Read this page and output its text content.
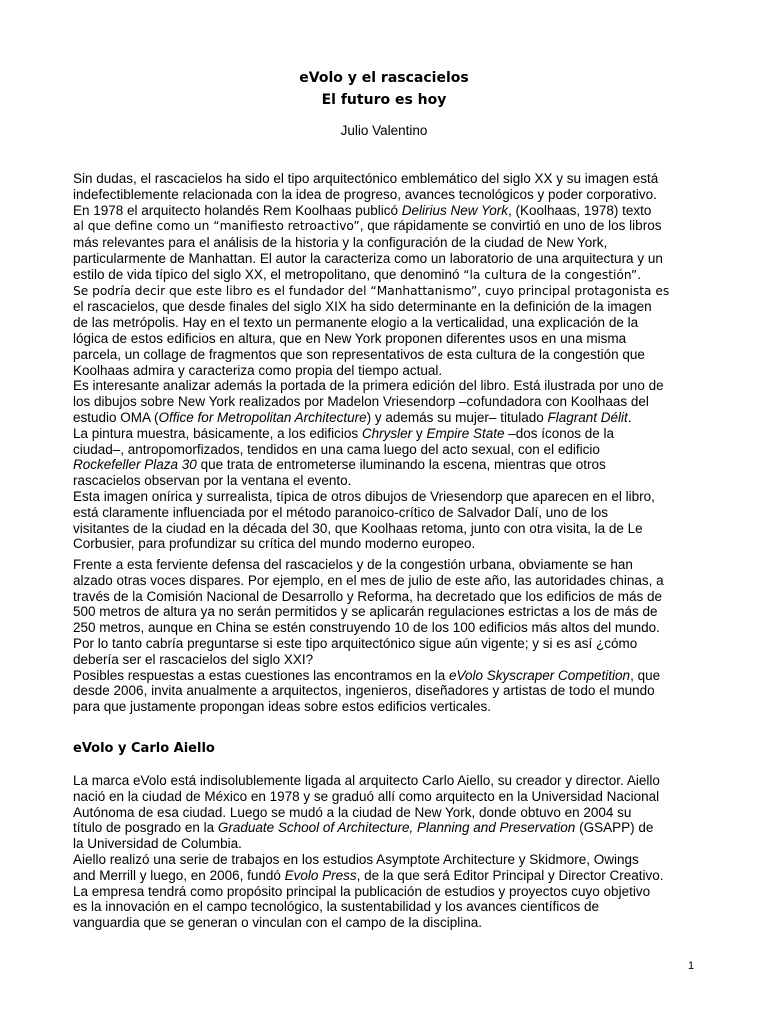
eVolo y el rascacielos
El futuro es hoy
Julio Valentino
Sin dudas, el rascacielos ha sido el tipo arquitectónico emblemático del siglo XX y su imagen está
indefectiblemente relacionada con la idea de progreso, avances tecnológicos y poder corporativo.
En 1978 el arquitecto holandés Rem Koolhaas publicó Delirius New York, (Koolhaas, 1978) texto
al que define como un “manifiesto retroactivo”, que rápidamente se convirtió en uno de los libros
más relevantes para el análisis de la historia y la configuración de la ciudad de New York,
particularmente de Manhattan. El autor la caracteriza como un laboratorio de una arquitectura y un
estilo de vida típico del siglo XX, el metropolitano, que denominó “la cultura de la congestión”.
Se podría decir que este libro es el fundador del “Manhattanismo”, cuyo principal protagonista es
el rascacielos, que desde finales del siglo XIX ha sido determinante en la definición de la imagen
de las metrópolis. Hay en el texto un permanente elogio a la verticalidad, una explicación de la
lógica de estos edificios en altura, que en New York proponen diferentes usos en una misma
parcela, un collage de fragmentos que son representativos de esta cultura de la congestión que
Koolhaas admira y caracteriza como propia del tiempo actual.
Es interesante analizar además la portada de la primera edición del libro. Está ilustrada por uno de
los dibujos sobre New York realizados por Madelon Vriesendorp –cofundadora con Koolhaas del
estudio OMA (Office for Metropolitan Architecture) y además su mujer– titulado Flagrant Délit.
La pintura muestra, básicamente, a los edificios Chrysler y Empire State –dos íconos de la
ciudad–, antropomorfizados, tendidos en una cama luego del acto sexual, con el edificio
Rockefeller Plaza 30 que trata de entrometerse iluminando la escena, mientras que otros
rascacielos observan por la ventana el evento.
Esta imagen onírica y surrealista, típica de otros dibujos de Vriesendorp que aparecen en el libro,
está claramente influenciada por el método paranoico-crítico de Salvador Dalí, uno de los
visitantes de la ciudad en la década del 30, que Koolhaas retoma, junto con otra visita, la de Le
Corbusier, para profundizar su crítica del mundo moderno europeo.
Frente a esta ferviente defensa del rascacielos y de la congestión urbana, obviamente se han
alzado otras voces dispares. Por ejemplo, en el mes de julio de este año, las autoridades chinas, a
través de la Comisión Nacional de Desarrollo y Reforma, ha decretado que los edificios de más de
500 metros de altura ya no serán permitidos y se aplicarán regulaciones estrictas a los de más de
250 metros, aunque en China se estén construyendo 10 de los 100 edificios más altos del mundo.
Por lo tanto cabría preguntarse si este tipo arquitectónico sigue aún vigente; y si es así ¿cómo
debería ser el rascacielos del siglo XXI?
Posibles respuestas a estas cuestiones las encontramos en la eVolo Skyscraper Competition, que
desde 2006, invita anualmente a arquitectos, ingenieros, diseñadores y artistas de todo el mundo
para que justamente propongan ideas sobre estos edificios verticales.
eVolo y Carlo Aiello
La marca eVolo está indisolublemente ligada al arquitecto Carlo Aiello, su creador y director. Aiello
nació en la ciudad de México en 1978 y se graduó allí como arquitecto en la Universidad Nacional
Autónoma de esa ciudad. Luego se mudó a la ciudad de New York, donde obtuvo en 2004 su
título de posgrado en la Graduate School of Architecture, Planning and Preservation (GSAPP) de
la Universidad de Columbia.
Aiello realizó una serie de trabajos en los estudios Asymptote Architecture y Skidmore, Owings
and Merrill y luego, en 2006, fundó Evolo Press, de la que será Editor Principal y Director Creativo.
La empresa tendrá como propósito principal la publicación de estudios y proyectos cuyo objetivo
es la innovación en el campo tecnológico, la sustentabilidad y los avances científicos de
vanguardia que se generan o vinculan con el campo de la disciplina.
1
